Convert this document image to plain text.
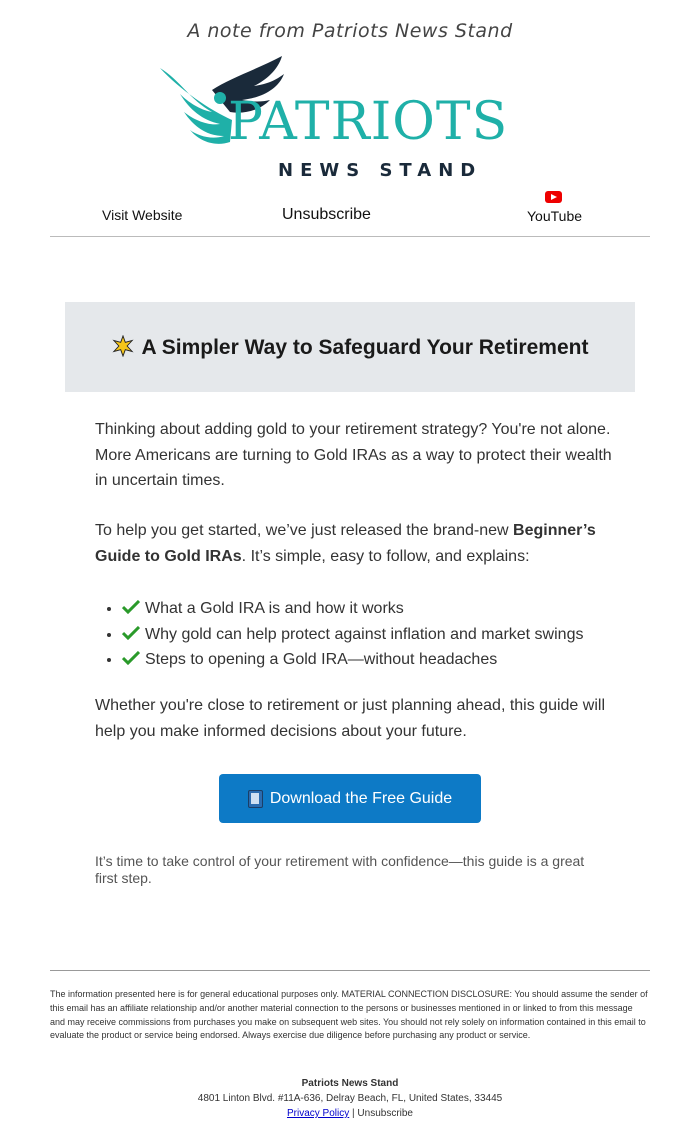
A note from Patriots News Stand
PATRIOTS
NEWS STAND
Visit Website	Unsubscribe	YouTube
A Simpler Way to Safeguard Your Retirement

Thinking about adding gold to your retirement strategy? You're not alone. More Americans are turning to Gold IRAs as a way to protect their wealth in uncertain times.

To help you get started, we’ve just released the brand-new Beginner’s Guide to Gold IRAs. It’s simple, easy to follow, and explains:

• What a Gold IRA is and how it works
• Why gold can help protect against inflation and market swings
• Steps to opening a Gold IRA—without headaches

Whether you're close to retirement or just planning ahead, this guide will help you make informed decisions about your future.

Download the Free Guide
It’s time to take control of your retirement with confidence—this guide is a great first step.
The information presented here is for general educational purposes only. MATERIAL CONNECTION DISCLOSURE: You should assume the sender of this email has an affiliate relationship and/or another material connection to the persons or businesses mentioned in or linked to from this message and may receive commissions from purchases you make on subsequent web sites. You should not rely solely on information contained in this email to evaluate the product or service being endorsed. Always exercise due diligence before purchasing any product or service.
Patriots News Stand
4801 Linton Blvd. #11A-636, Delray Beach, FL, United States, 33445
Privacy Policy | Unsubscribe
